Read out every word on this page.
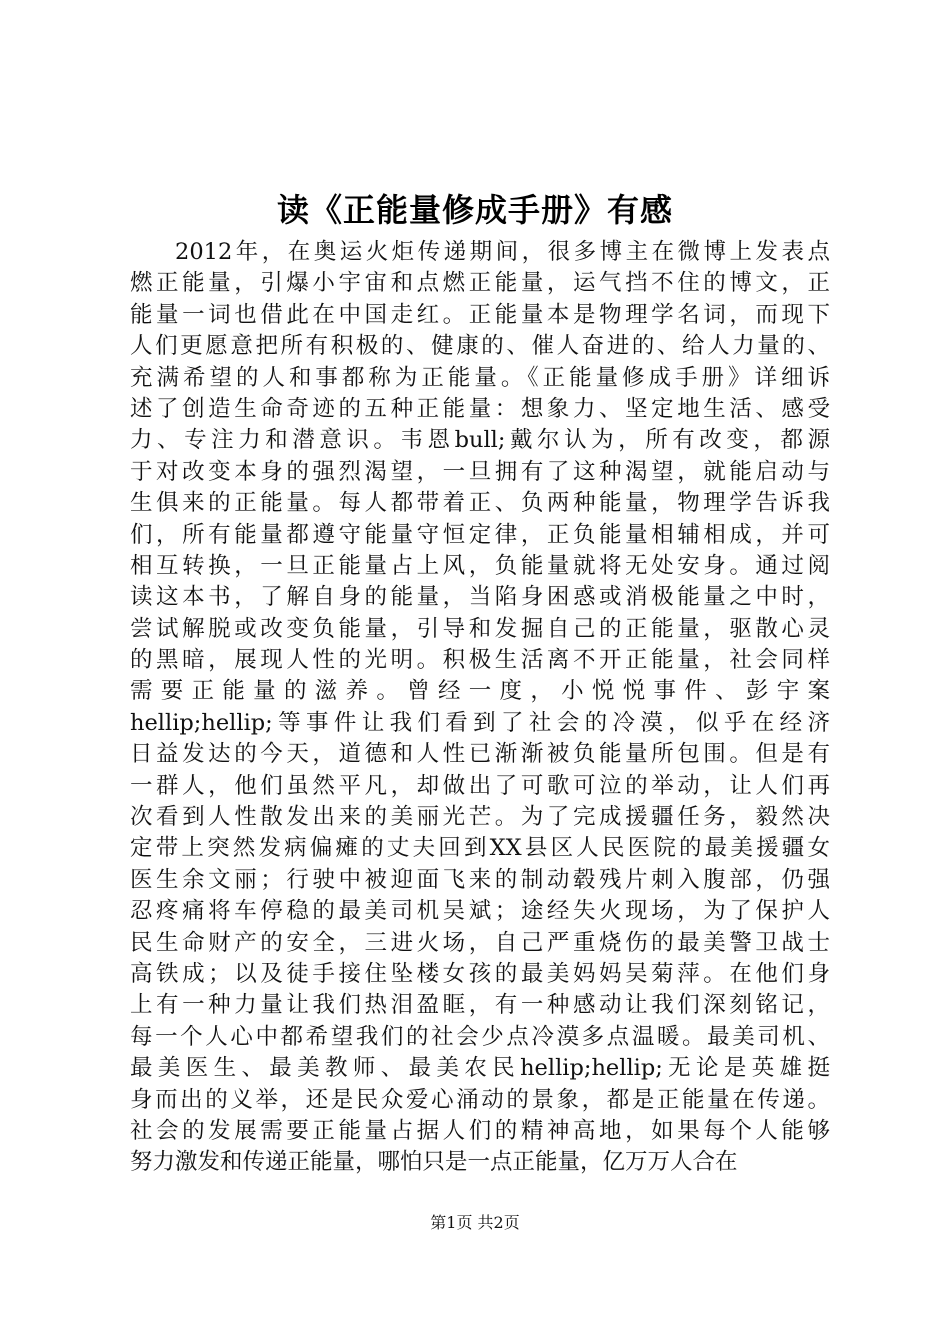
读《正能量修成手册》有感
2012年，在奥运火炬传递期间，很多博主在微博上发表点
燃正能量，引爆小宇宙和点燃正能量，运气挡不住的博文，正
能量一词也借此在中国走红。正能量本是物理学名词，而现下
人们更愿意把所有积极的、健康的、催人奋进的、给人力量的、
充满希望的人和事都称为正能量。《正能量修成手册》详细诉
述了创造生命奇迹的五种正能量：想象力、坚定地生活、感受
力、专注力和潜意识。韦恩bull;戴尔认为，所有改变，都源
于对改变本身的强烈渴望，一旦拥有了这种渴望，就能启动与
生俱来的正能量。每人都带着正、负两种能量，物理学告诉我
们，所有能量都遵守能量守恒定律，正负能量相辅相成，并可
相互转换，一旦正能量占上风，负能量就将无处安身。通过阅
读这本书，了解自身的能量，当陷身困惑或消极能量之中时，
尝试解脱或改变负能量，引导和发掘自己的正能量，驱散心灵
的黑暗，展现人性的光明。积极生活离不开正能量，社会同样
需要正能量的滋养。曾经一度，小悦悦事件、彭宇案
hellip;hellip;等事件让我们看到了社会的冷漠，似乎在经济
日益发达的今天，道德和人性已渐渐被负能量所包围。但是有
一群人，他们虽然平凡，却做出了可歌可泣的举动，让人们再
次看到人性散发出来的美丽光芒。为了完成援疆任务，毅然决
定带上突然发病偏瘫的丈夫回到XX县区人民医院的最美援疆女
医生余文丽；行驶中被迎面飞来的制动毂残片刺入腹部，仍强
忍疼痛将车停稳的最美司机吴斌；途经失火现场，为了保护人
民生命财产的安全，三进火场，自己严重烧伤的最美警卫战士
高铁成；以及徒手接住坠楼女孩的最美妈妈吴菊萍。在他们身
上有一种力量让我们热泪盈眶，有一种感动让我们深刻铭记，
每一个人心中都希望我们的社会少点冷漠多点温暖。最美司机、
最美医生、最美教师、最美农民hellip;hellip;无论是英雄挺
身而出的义举，还是民众爱心涌动的景象，都是正能量在传递。
社会的发展需要正能量占据人们的精神高地，如果每个人能够
努力激发和传递正能量，哪怕只是一点正能量，亿万万人合在
第1页 共2页
